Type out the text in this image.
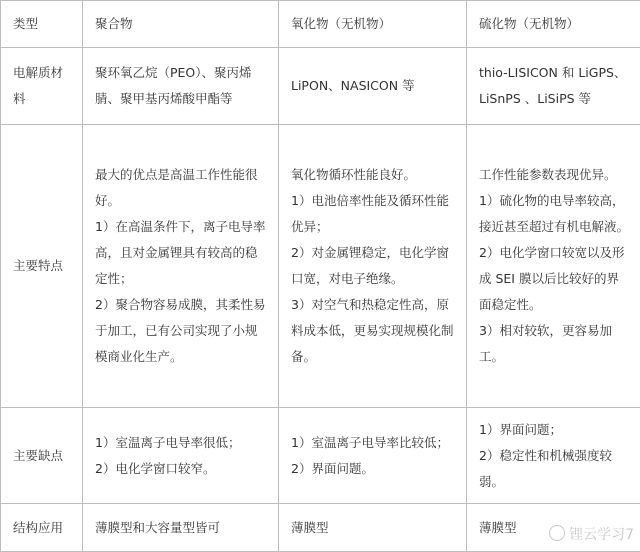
类型	聚合物	氧化物（无机物）	硫化物（无机物）
电解质材料	聚环氧乙烷（PEO）、聚丙烯腈、聚甲基丙烯酸甲酯等	LiPON、NASICON 等	thio-LISICON 和 LiGPS、LiSnPS 、LiSiPS 等
主要特点	最大的优点是高温工作性能很好。
1）在高温条件下，离子电导率高，且对金属锂具有较高的稳定性；
2）聚合物容易成膜，其柔性易于加工，已有公司实现了小规模商业化生产。	氧化物循环性能良好。
1）电池倍率性能及循环性能优异；
2）对金属锂稳定，电化学窗口宽，对电子绝缘。
3）对空气和热稳定性高，原料成本低，更易实现规模化制备。	工作性能参数表现优异。
1）硫化物的电导率较高，接近甚至超过有机电解液。
2）电化学窗口较宽以及形成 SEI 膜以后比较好的界面稳定性。
3）相对较软，更容易加工。

主要缺点	1）室温离子电导率很低；
2）电化学窗口较窄。	1）室温离子电导率比较低；
2）界面问题。	1）界面问题；
2）稳定性和机械强度较弱。

结构应用	薄膜型和大容量型皆可	薄膜型	薄膜型	锂云学习7
